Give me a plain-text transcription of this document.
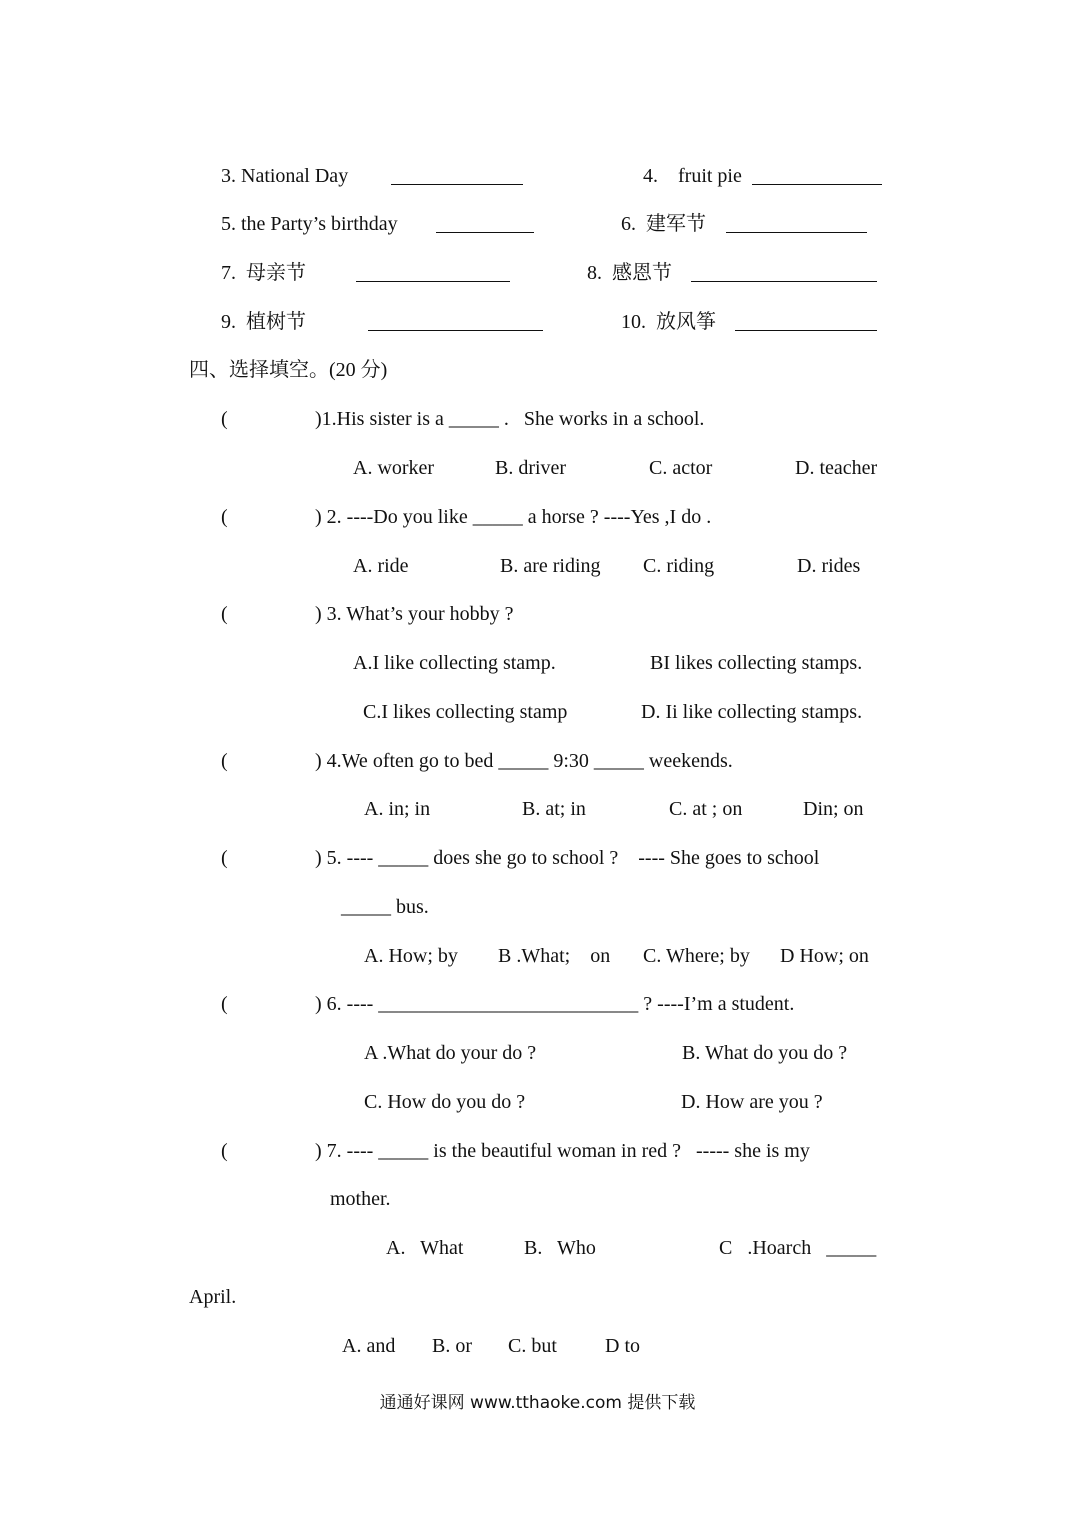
3. National Day	4.    fruit pie
5. the Party’s birthday	6.  建军节
7.  母亲节	8.  感恩节
9.  植树节	10.  放风筝
四、选择填空。(20 分)
(	)1.His sister is a _____ .   She works in a school.
A. worker	B. driver	C. actor	D. teacher
(	) 2. ----Do you like _____ a horse ? ----Yes ,I do .
A. ride	B. are riding C. riding	D. rides
(	) 3. What’s your hobby ?
A.I like collecting stamp.	BI likes collecting stamps.
C.I likes collecting stamp	D. Ii like collecting stamps.
(	) 4.We often go to bed _____ 9:30 _____ weekends.
A. in; in	B. at; in	C. at ; on	Din; on
(	) 5. ---- _____ does she go to school ?    ---- She goes to school
_____ bus.
A. How; by B .What;    on C. Where; by D How; on
(	) 6. ---- __________________________ ? ----I’m a student.
A .What do your do ?	B. What do you do ?
C. How do you do ?	D. How are you ?
(	) 7. ---- _____ is the beautiful woman in red ?   ----- she is my
mother.
A.   What	B.   Who	C   .Hoarch   _____
April.
A. and B. or C. but D to
通通好课网 www.tthaoke.com 提供下载
